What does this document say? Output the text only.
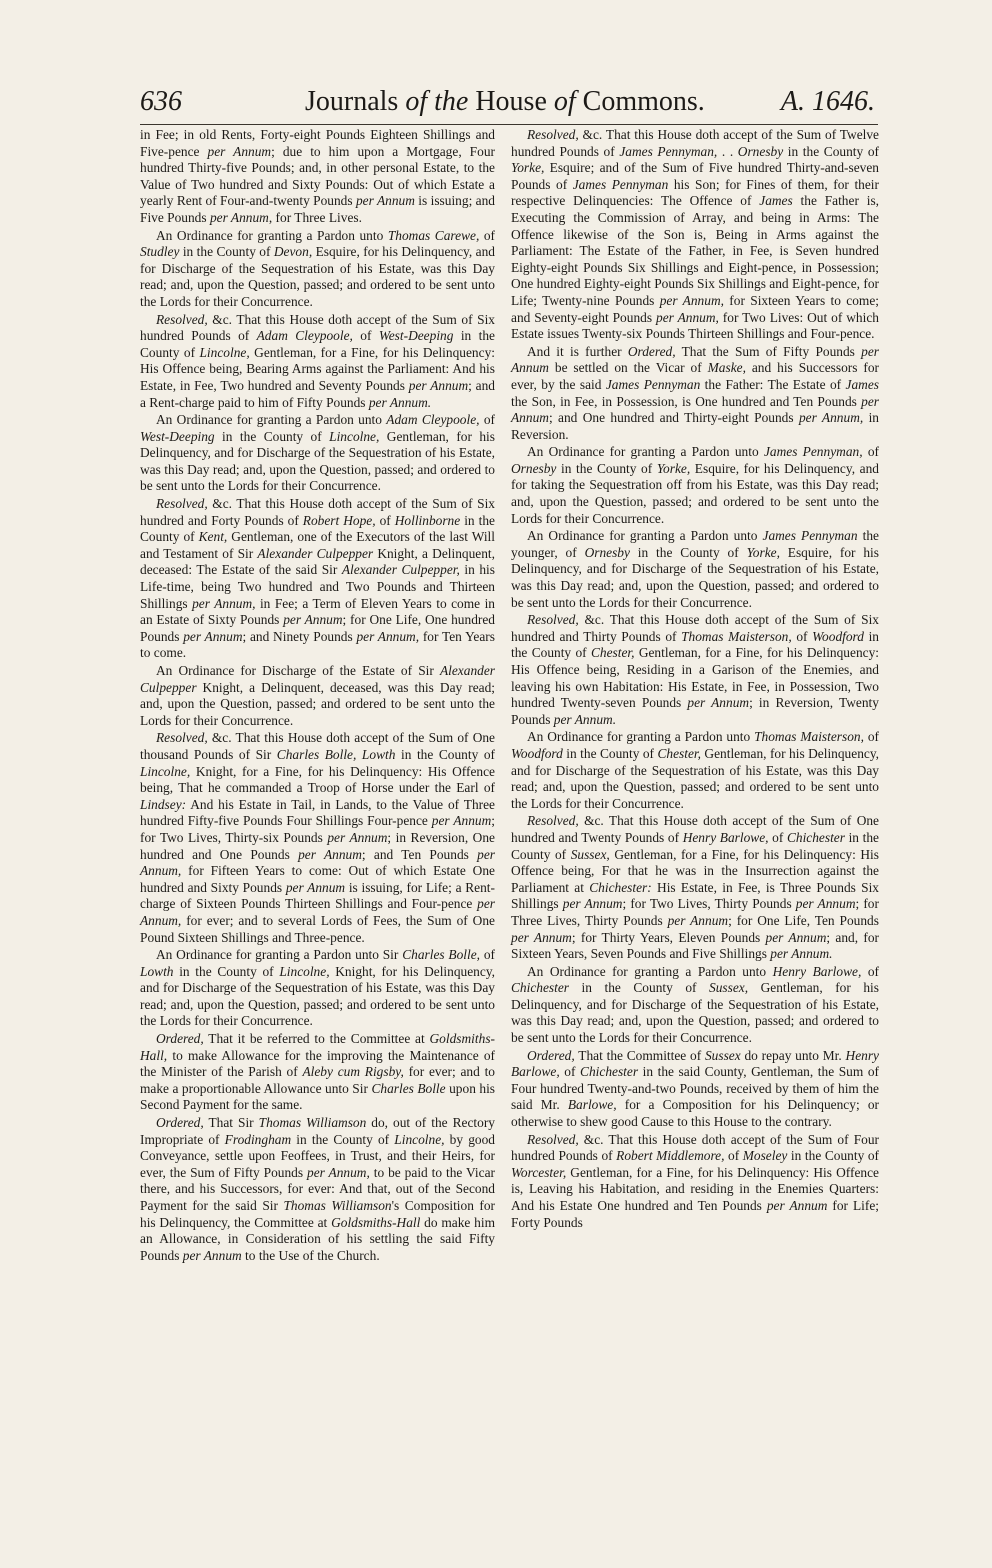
636	Journals of the House of Commons.	A. 1646.

in Fee; in old Rents, Forty-eight Pounds Eighteen Shillings and Five-pence per Annum; due to him upon a Mortgage, Four hundred Thirty-five Pounds; and, in other personal Estate, to the Value of Two hundred and Sixty Pounds: Out of which Estate a yearly Rent of Four-and-twenty Pounds per Annum is issuing; and Five Pounds per Annum, for Three Lives.

An Ordinance for granting a Pardon unto Thomas Carewe, of Studley in the County of Devon, Esquire, for his Delinquency, and for Discharge of the Sequestration of his Estate, was this Day read; and, upon the Question, passed; and ordered to be sent unto the Lords for their Concurrence.

Resolved, &c. That this House doth accept of the Sum of Six hundred Pounds of Adam Cleypoole, of West-Deeping in the County of Lincolne, Gentleman, for a Fine, for his Delinquency: His Offence being, Bearing Arms against the Parliament: And his Estate, in Fee, Two hundred and Seventy Pounds per Annum; and a Rent-charge paid to him of Fifty Pounds per Annum.

An Ordinance for granting a Pardon unto Adam Cleypoole, of West-Deeping in the County of Lincolne, Gentleman, for his Delinquency, and for Discharge of the Sequestration of his Estate, was this Day read; and, upon the Question, passed; and ordered to be sent unto the Lords for their Concurrence.

Resolved, &c. That this House doth accept of the Sum of Six hundred and Forty Pounds of Robert Hope, of Hollinborne in the County of Kent, Gentleman, one of the Executors of the last Will and Testament of Sir Alexander Culpepper Knight, a Delinquent, deceased: The Estate of the said Sir Alexander Culpepper, in his Life-time, being Two hundred and Two Pounds and Thirteen Shillings per Annum, in Fee; a Term of Eleven Years to come in an Estate of Sixty Pounds per Annum; for One Life, One hundred Pounds per Annum; and Ninety Pounds per Annum, for Ten Years to come.

An Ordinance for Discharge of the Estate of Sir Alexander Culpepper Knight, a Delinquent, deceased, was this Day read; and, upon the Question, passed; and ordered to be sent unto the Lords for their Concurrence.

Resolved, &c. That this House doth accept of the Sum of One thousand Pounds of Sir Charles Bolle, Lowth in the County of Lincolne, Knight, for a Fine, for his Delinquency: His Offence being, That he commanded a Troop of Horse under the Earl of Lindsey: And his Estate in Tail, in Lands, to the Value of Three hundred Fifty-five Pounds Four Shillings Four-pence per Annum; for Two Lives, Thirty-six Pounds per Annum; in Reversion, One hundred and One Pounds per Annum; and Ten Pounds per Annum, for Fifteen Years to come: Out of which Estate One hundred and Sixty Pounds per Annum is issuing, for Life; a Rent-charge of Sixteen Pounds Thirteen Shillings and Four-pence per Annum, for ever; and to several Lords of Fees, the Sum of One Pound Sixteen Shillings and Three-pence.

An Ordinance for granting a Pardon unto Sir Charles Bolle, of Lowth in the County of Lincolne, Knight, for his Delinquency, and for Discharge of the Sequestration of his Estate, was this Day read; and, upon the Question, passed; and ordered to be sent unto the Lords for their Concurrence.

Ordered, That it be referred to the Committee at Goldsmiths-Hall, to make Allowance for the improving the Maintenance of the Minister of the Parish of Aleby cum Rigsby, for ever; and to make a proportionable Allowance unto Sir Charles Bolle upon his Second Payment for the same.

Ordered, That Sir Thomas Williamson do, out of the Rectory Impropriate of Frodingham in the County of Lincolne, by good Conveyance, settle upon Feoffees, in Trust, and their Heirs, for ever, the Sum of Fifty Pounds per Annum, to be paid to the Vicar there, and his Successors, for ever: And that, out of the Second Payment for the said Sir Thomas Williamson's Composition for his Delinquency, the Committee at Goldsmiths-Hall do make him an Allowance, in Consideration of his settling the said Fifty Pounds per Annum to the Use of the Church.

Resolved, &c. That this House doth accept of the Sum of Twelve hundred Pounds of James Pennyman, . . Ornesby in the County of Yorke, Esquire; and of the Sum of Five hundred Thirty-and-seven Pounds of James Pennyman his Son; for Fines of them, for their respective Delinquencies: The Offence of James the Father is, Executing the Commission of Array, and being in Arms: The Offence likewise of the Son is, Being in Arms against the Parliament: The Estate of the Father, in Fee, is Seven hundred Eighty-eight Pounds Six Shillings and Eight-pence, in Possession; One hundred Eighty-eight Pounds Six Shillings and Eight-pence, for Life; Twenty-nine Pounds per Annum, for Sixteen Years to come; and Seventy-eight Pounds per Annum, for Two Lives: Out of which Estate issues Twenty-six Pounds Thirteen Shillings and Four-pence.

And it is further Ordered, That the Sum of Fifty Pounds per Annum be settled on the Vicar of Maske, and his Successors for ever, by the said James Pennyman the Father: The Estate of James the Son, in Fee, in Possession, is One hundred and Ten Pounds per Annum; and One hundred and Thirty-eight Pounds per Annum, in Reversion.

An Ordinance for granting a Pardon unto James Pennyman, of Ornesby in the County of Yorke, Esquire, for his Delinquency, and for taking the Sequestration off from his Estate, was this Day read; and, upon the Question, passed; and ordered to be sent unto the Lords for their Concurrence.

An Ordinance for granting a Pardon unto James Pennyman the younger, of Ornesby in the County of Yorke, Esquire, for his Delinquency, and for Discharge of the Sequestration of his Estate, was this Day read; and, upon the Question, passed; and ordered to be sent unto the Lords for their Concurrence.

Resolved, &c. That this House doth accept of the Sum of Six hundred and Thirty Pounds of Thomas Maisterson, of Woodford in the County of Chester, Gentleman, for a Fine, for his Delinquency: His Offence being, Residing in a Garison of the Enemies, and leaving his own Habitation: His Estate, in Fee, in Possession, Two hundred Twenty-seven Pounds per Annum; in Reversion, Twenty Pounds per Annum.

An Ordinance for granting a Pardon unto Thomas Maisterson, of Woodford in the County of Chester, Gentleman, for his Delinquency, and for Discharge of the Sequestration of his Estate, was this Day read; and, upon the Question, passed; and ordered to be sent unto the Lords for their Concurrence.

Resolved, &c. That this House doth accept of the Sum of One hundred and Twenty Pounds of Henry Barlowe, of Chichester in the County of Sussex, Gentleman, for a Fine, for his Delinquency: His Offence being, For that he was in the Insurrection against the Parliament at Chichester: His Estate, in Fee, is Three Pounds Six Shillings per Annum; for Two Lives, Thirty Pounds per Annum; for Three Lives, Thirty Pounds per Annum; for One Life, Ten Pounds per Annum; for Thirty Years, Eleven Pounds per Annum; and, for Sixteen Years, Seven Pounds and Five Shillings per Annum.

An Ordinance for granting a Pardon unto Henry Barlowe, of Chichester in the County of Sussex, Gentleman, for his Delinquency, and for Discharge of the Sequestration of his Estate, was this Day read; and, upon the Question, passed; and ordered to be sent unto the Lords for their Concurrence.

Ordered, That the Committee of Sussex do repay unto Mr. Henry Barlowe, of Chichester in the said County, Gentleman, the Sum of Four hundred Twenty-and-two Pounds, received by them of him the said Mr. Barlowe, for a Composition for his Delinquency; or otherwise to shew good Cause to this House to the contrary.

Resolved, &c. That this House doth accept of the Sum of Four hundred Pounds of Robert Middlemore, of Moseley in the County of Worcester, Gentleman, for a Fine, for his Delinquency: His Offence is, Leaving his Habitation, and residing in the Enemies Quarters: And his Estate One hundred and Ten Pounds per Annum for Life; Forty Pounds
